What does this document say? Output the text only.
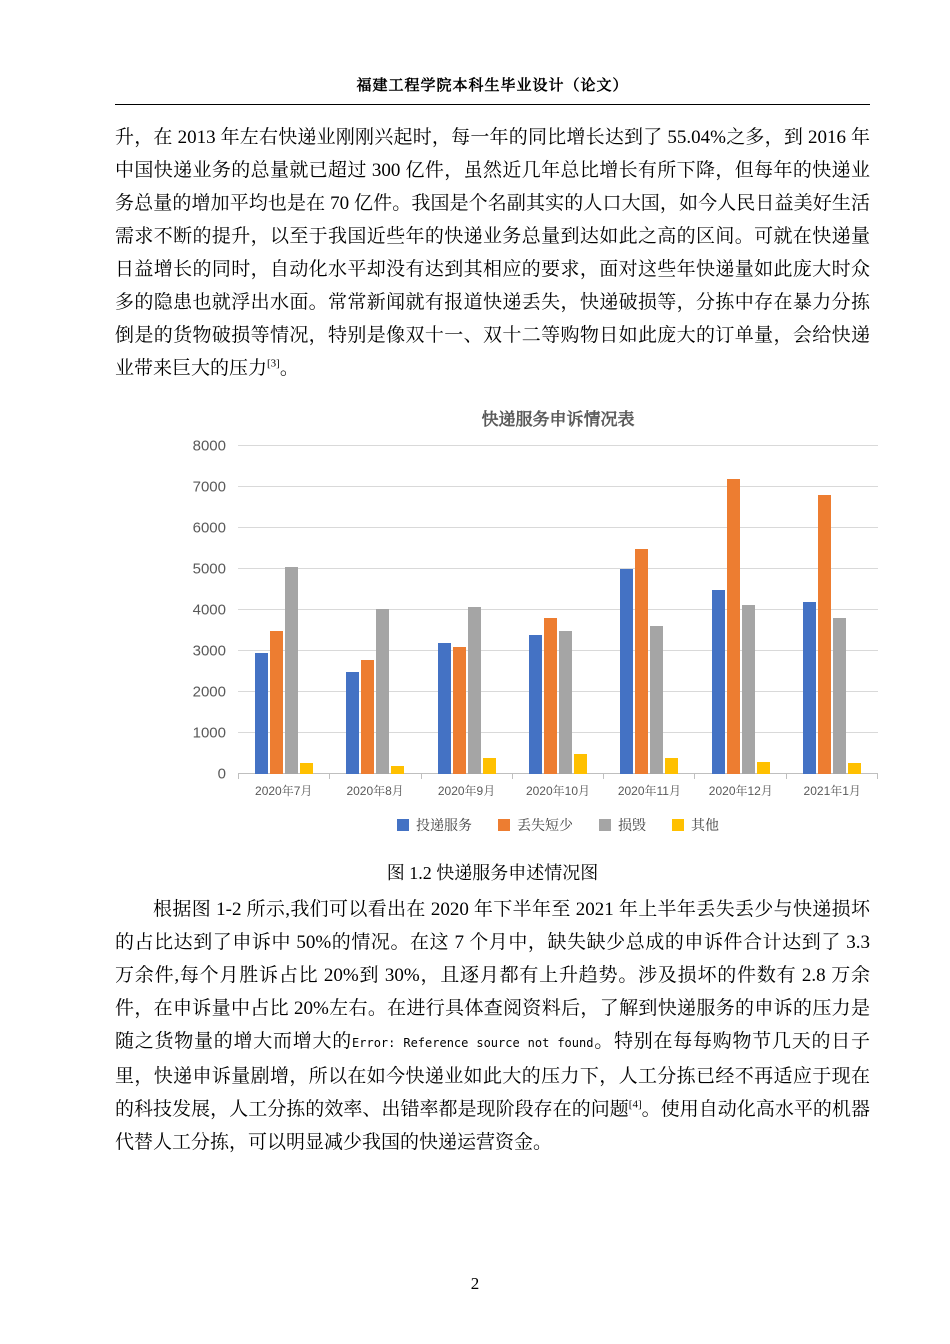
福建工程学院本科生毕业设计（论文）

升，在 2013 年左右快递业刚刚兴起时，每一年的同比增长达到了 55.04%之多，到 2016 年中国快递业务的总量就已超过 300 亿件，虽然近几年总比增长有所下降，但每年的快递业务总量的增加平均也是在 70 亿件。我国是个名副其实的人口大国，如今人民日益美好生活需求不断的提升，以至于我国近些年的快递业务总量到达如此之高的区间。可就在快递量日益增长的同时，自动化水平却没有达到其相应的要求，面对这些年快递量如此庞大时众多的隐患也就浮出水面。常常新闻就有报道快递丢失，快递破损等，分拣中存在暴力分拣倒是的货物破损等情况，特别是像双十一、双十二等购物日如此庞大的订单量，会给快递业带来巨大的压力[3]。

快递服务申诉情况表
0
1000
2000
3000
4000
5000
6000
7000
8000
2020年7月	2020年8月	2020年9月	2020年10月	2020年11月	2020年12月	2021年1月
投递服务	丢失短少	损毁	其他

图 1.2 快递服务申述情况图

根据图 1-2 所示,我们可以看出在 2020 年下半年至 2021 年上半年丢失丢少与快递损坏的占比达到了申诉中 50%的情况。在这 7 个月中，缺失缺少总成的申诉件合计达到了 3.3 万余件,每个月胜诉占比 20%到 30%，且逐月都有上升趋势。涉及损坏的件数有 2.8 万余件，在申诉量中占比 20%左右。在进行具体查阅资料后，了解到快递服务的申诉的压力是随之货物量的增大而增大的Error: Reference source not found。特别在每每购物节几天的日子里，快递申诉量剧增，所以在如今快递业如此大的压力下，人工分拣已经不再适应于现在的科技发展，人工分拣的效率、出错率都是现阶段存在的问题[4]。使用自动化高水平的机器代替人工分拣，可以明显减少我国的快递运营资金。

2
